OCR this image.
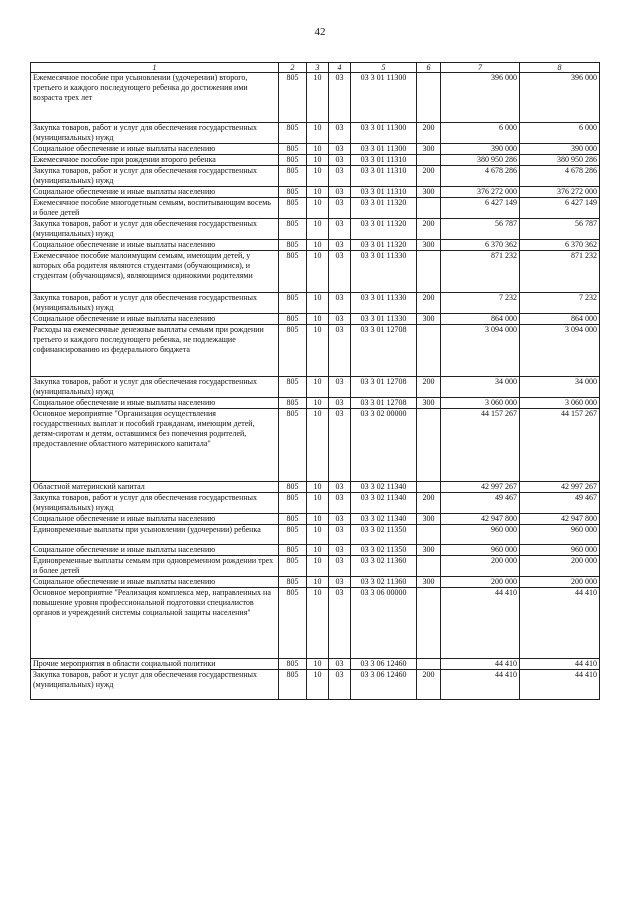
42
1	2	3	4	5	6	7	8
Ежемесячное пособие при усыновлении (удочерении) второго, третьего и каждого последующего ребенка до достижения ими возраста трех лет	805	10	03	03 3 01 11300		396 000	396 000
Закупка товаров, работ и услуг для обеспечения государственных (муниципальных) нужд	805	10	03	03 3 01 11300	200	6 000	6 000
Социальное обеспечение и иные выплаты населению	805	10	03	03 3 01 11300	300	390 000	390 000
Ежемесячное пособие при рождении второго ребенка	805	10	03	03 3 01 11310		380 950 286	380 950 286
Закупка товаров, работ и услуг для обеспечения государственных (муниципальных) нужд	805	10	03	03 3 01 11310	200	4 678 286	4 678 286
Социальное обеспечение и иные выплаты населению	805	10	03	03 3 01 11310	300	376 272 000	376 272 000
Ежемесячное пособие многодетным семьям, воспитывающим восемь и более детей	805	10	03	03 3 01 11320		6 427 149	6 427 149
Закупка товаров, работ и услуг для обеспечения государственных (муниципальных) нужд	805	10	03	03 3 01 11320	200	56 787	56 787
Социальное обеспечение и иные выплаты населению	805	10	03	03 3 01 11320	300	6 370 362	6 370 362
Ежемесячное пособие малоимущим семьям, имеющим детей, у которых оба родителя являются студентами (обучающимися), и студентам (обучающимся), являющимся одинокими родителями	805	10	03	03 3 01 11330		871 232	871 232
Закупка товаров, работ и услуг для обеспечения государственных (муниципальных) нужд	805	10	03	03 3 01 11330	200	7 232	7 232
Социальное обеспечение и иные выплаты населению	805	10	03	03 3 01 11330	300	864 000	864 000
Расходы на ежемесячные денежные выплаты семьям при рождении третьего и каждого последующего ребенка, не подлежащие софинансированию из федерального бюджета	805	10	03	03 3 01 12708		3 094 000	3 094 000
Закупка товаров, работ и услуг для обеспечения государственных (муниципальных) нужд	805	10	03	03 3 01 12708	200	34 000	34 000
Социальное обеспечение и иные выплаты населению	805	10	03	03 3 01 12708	300	3 060 000	3 060 000
Основное мероприятие "Организация осуществления государственных выплат и пособий гражданам, имеющим детей, детям-сиротам и детям, оставшимся без попечения родителей, предоставление областного материнского капитала"	805	10	03	03 3 02 00000		44 157 267	44 157 267
Областной материнский капитал	805	10	03	03 3 02 11340		42 997 267	42 997 267
Закупка товаров, работ и услуг для обеспечения государственных (муниципальных) нужд	805	10	03	03 3 02 11340	200	49 467	49 467
Социальное обеспечение и иные выплаты населению	805	10	03	03 3 02 11340	300	42 947 800	42 947 800
Единовременные выплаты при усыновлении (удочерении) ребенка	805	10	03	03 3 02 11350		960 000	960 000
Социальное обеспечение и иные выплаты населению	805	10	03	03 3 02 11350	300	960 000	960 000
Единовременные выплаты семьям при одновременном рождении трех и более детей	805	10	03	03 3 02 11360		200 000	200 000
Социальное обеспечение и иные выплаты населению	805	10	03	03 3 02 11360	300	200 000	200 000
Основное мероприятие "Реализация комплекса мер, направленных на повышение уровня профессиональной подготовки специалистов органов и учреждений системы социальной защиты населения"	805	10	03	03 3 06 00000		44 410	44 410
Прочие мероприятия в области социальной политики	805	10	03	03 3 06 12460		44 410	44 410
Закупка товаров, работ и услуг для обеспечения государственных (муниципальных) нужд	805	10	03	03 3 06 12460	200	44 410	44 410
